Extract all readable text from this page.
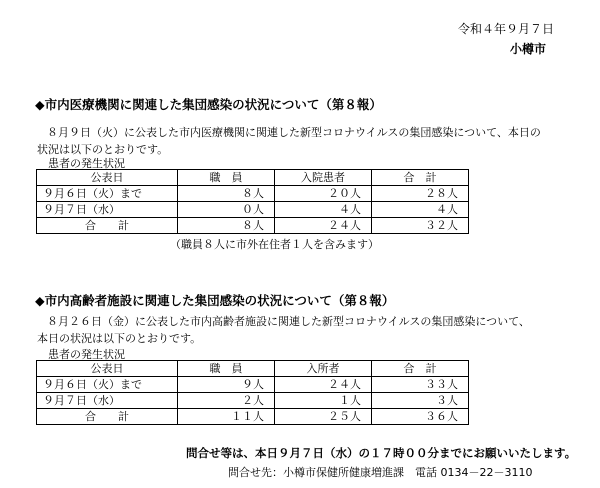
令和４年９月７日
小樽市
◆市内医療機関に関連した集団感染の状況について（第８報）
８月９日（火）に公表した市内医療機関に関連した新型コロナウイルスの集団感染について、本日の
状況は以下のとおりです。
患者の発生状況
公表日	職　員	入院患者	合　計
９月６日（火）まで	８人	２０人	２８人
９月７日（水）	０人	４人	４人
合　　計	８人	２４人	３２人
（職員８人に市外在住者１人を含みます）
◆市内高齢者施設に関連した集団感染の状況について（第８報）
８月２６日（金）に公表した市内高齢者施設に関連した新型コロナウイルスの集団感染について、
本日の状況は以下のとおりです。
患者の発生状況
公表日	職　員	入所者	合　計
９月６日（火）まで	９人	２４人	３３人
９月７日（水）	２人	１人	３人
合　　計	１１人	２５人	３６人
問合せ等は、本日９月７日（水）の１７時００分までにお願いいたします。
問合せ先：小樽市保健所健康増進課　電話 0134－22－3110
